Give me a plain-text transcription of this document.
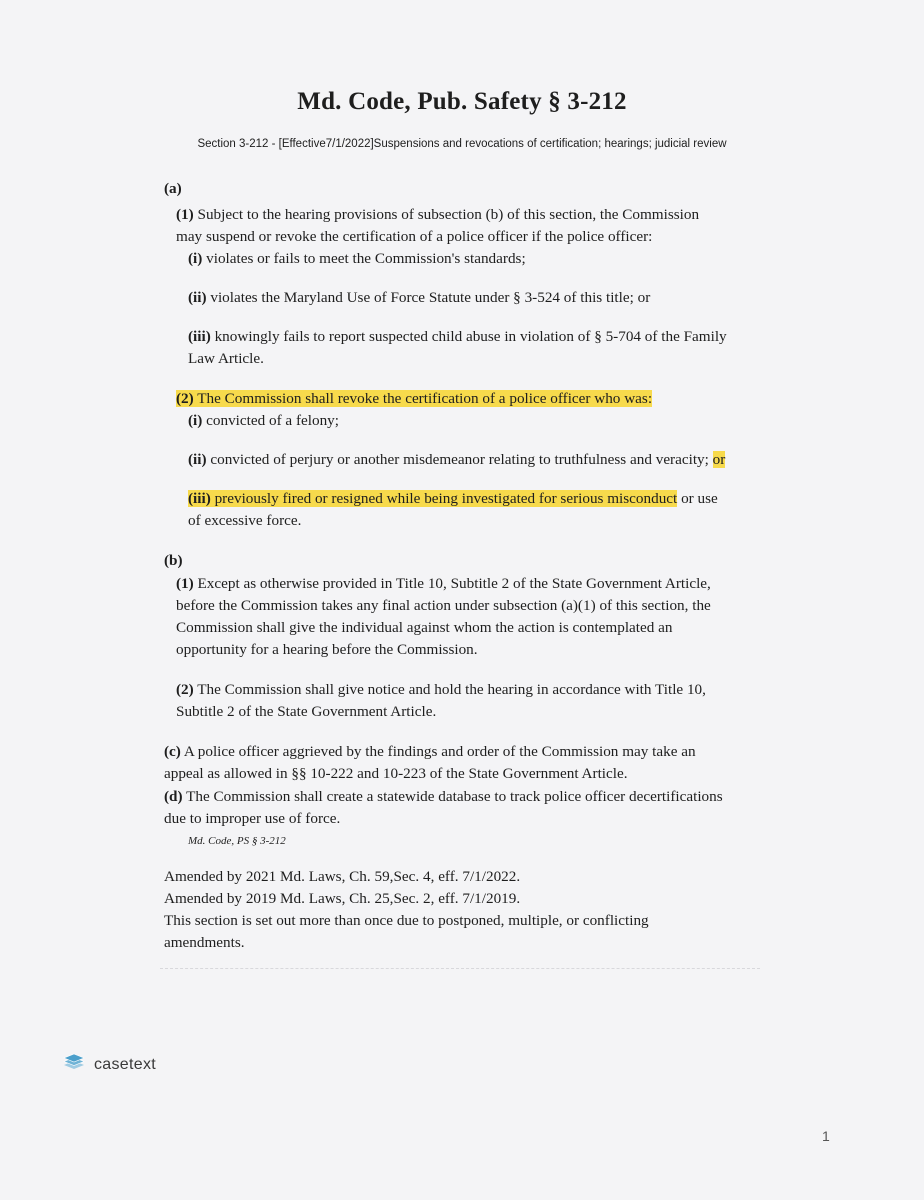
Md. Code, Pub. Safety § 3-212
Section 3-212 - [Effective7/1/2022]Suspensions and revocations of certification; hearings; judicial review
(a)
(1) Subject to the hearing provisions of subsection (b) of this section, the Commission
may suspend or revoke the certification of a police officer if the police officer:
(i) violates or fails to meet the Commission's standards;
(ii) violates the Maryland Use of Force Statute under § 3-524 of this title; or
(iii) knowingly fails to report suspected child abuse in violation of § 5-704 of the Family
Law Article.
(2) The Commission shall revoke the certification of a police officer who was:
(i) convicted of a felony;
(ii) convicted of perjury or another misdemeanor relating to truthfulness and veracity; or
(iii) previously fired or resigned while being investigated for serious misconduct or use
of excessive force.
(b)
(1) Except as otherwise provided in Title 10, Subtitle 2 of the State Government Article,
before the Commission takes any final action under subsection (a)(1) of this section, the
Commission shall give the individual against whom the action is contemplated an
opportunity for a hearing before the Commission.
(2) The Commission shall give notice and hold the hearing in accordance with Title 10,
Subtitle 2 of the State Government Article.
(c) A police officer aggrieved by the findings and order of the Commission may take an
appeal as allowed in §§ 10-222 and 10-223 of the State Government Article.
(d) The Commission shall create a statewide database to track police officer decertifications
due to improper use of force.
Md. Code, PS § 3-212
Amended by 2021 Md. Laws, Ch. 59,Sec. 4, eff. 7/1/2022.
Amended by 2019 Md. Laws, Ch. 25,Sec. 2, eff. 7/1/2019.
This section is set out more than once due to postponed, multiple, or conflicting
amendments.
casetext
1
